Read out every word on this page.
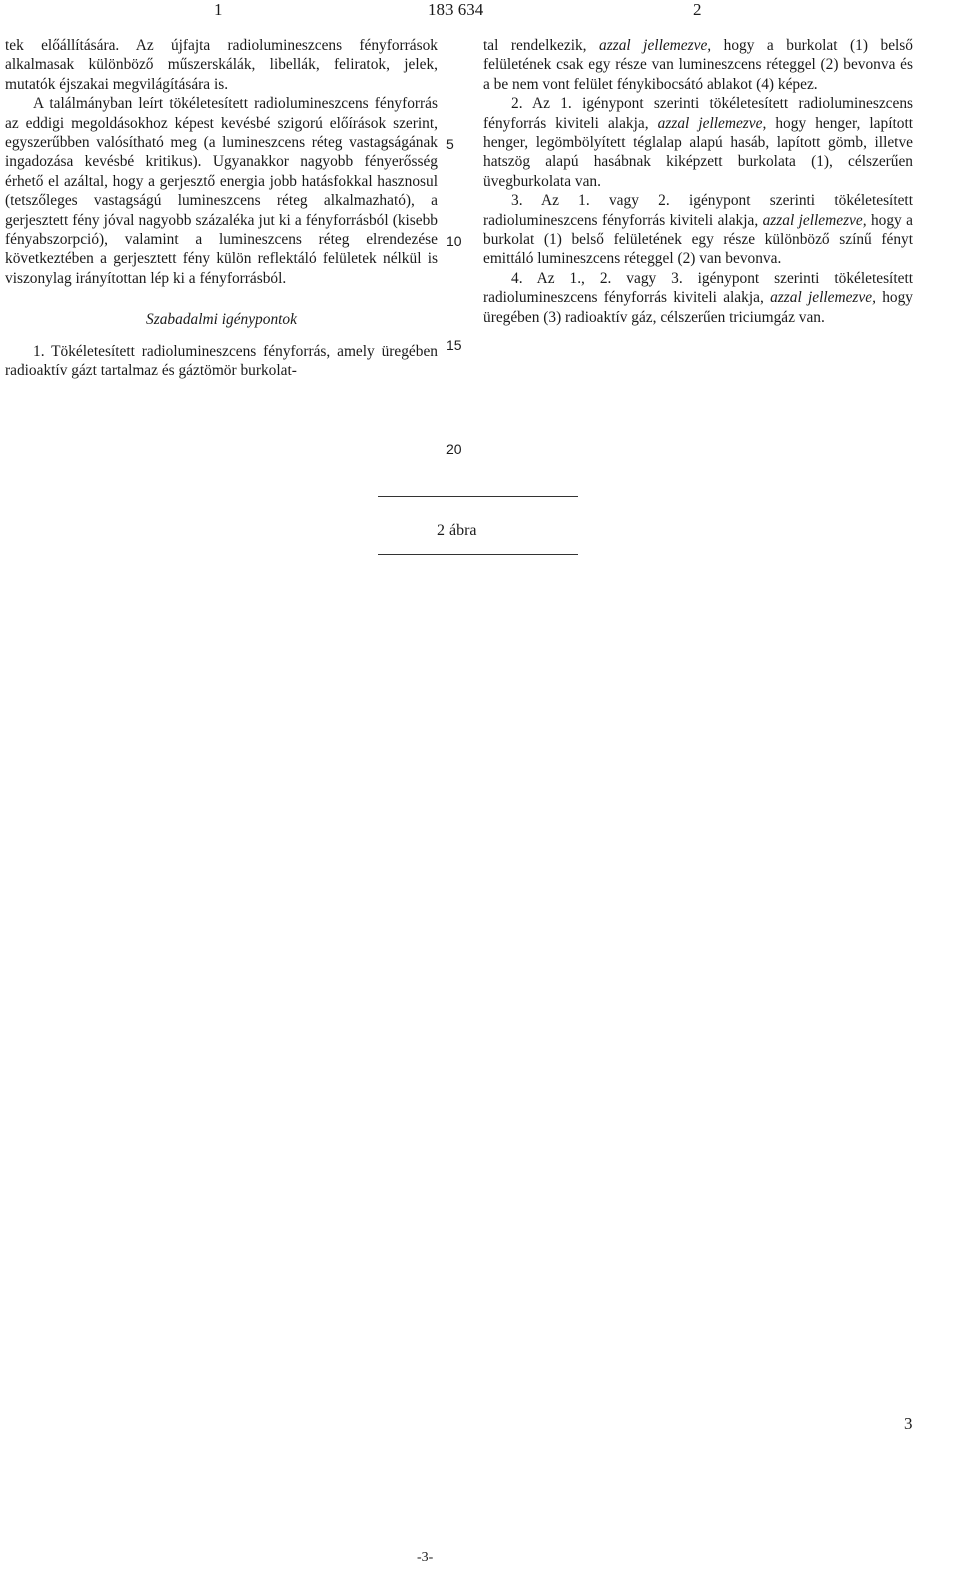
1	183 634	2

tek előállítására. Az újfajta radiolumineszcens fényforrások alkalmasak különböző műszerskálák, libellák, feliratok, jelek, mutatók éjszakai megvilágítására is.

A találmányban leírt tökéletesített radiolumineszcens fényforrás az eddigi megoldásokhoz képest kevésbé szigorú előírások szerint, egyszerűbben valósítható meg (a lumineszcens réteg vastagságának ingadozása kevésbé kritikus). Ugyanakkor nagyobb fényerősség érhető el azáltal, hogy a gerjesztő energia jobb hatásfokkal hasznosul (tetszőleges vastagságú lumineszcens réteg alkalmazható), a gerjesztett fény jóval nagyobb százaléka jut ki a fényforrásból (kisebb fényabszorpció), valamint a lumineszcens réteg elrendezése következtében a gerjesztett fény külön reflektáló felületek nélkül is viszonylag irányítottan lép ki a fényforrásból.

Szabadalmi igénypontok

1. Tökéletesített radiolumineszcens fényforrás, amely üregében radioaktív gázt tartalmaz és gáztömör burkolat-

5
10
15
20

tal rendelkezik, azzal jellemezve, hogy a burkolat (1) belső felületének csak egy része van lumineszcens réteggel (2) bevonva és a be nem vont felület fénykibocsátó ablakot (4) képez.

2. Az 1. igénypont szerinti tökéletesített radiolumineszcens fényforrás kiviteli alakja, azzal jellemezve, hogy henger, lapított henger, legömbölyített téglalap alapú hasáb, lapított gömb, illetve hatszög alapú hasábnak kiképzett burkolata (1), célszerűen üvegburkolata van.

3. Az 1. vagy 2. igénypont szerinti tökéletesített radiolumineszcens fényforrás kiviteli alakja, azzal jellemezve, hogy a burkolat (1) belső felületének egy része különböző színű fényt emittáló lumineszcens réteggel (2) van bevonva.

4. Az 1., 2. vagy 3. igénypont szerinti tökéletesített radiolumineszcens fényforrás kiviteli alakja, azzal jellemezve, hogy üregében (3) radioaktív gáz, célszerűen triciumgáz van.

2 ábra
3
-3-
